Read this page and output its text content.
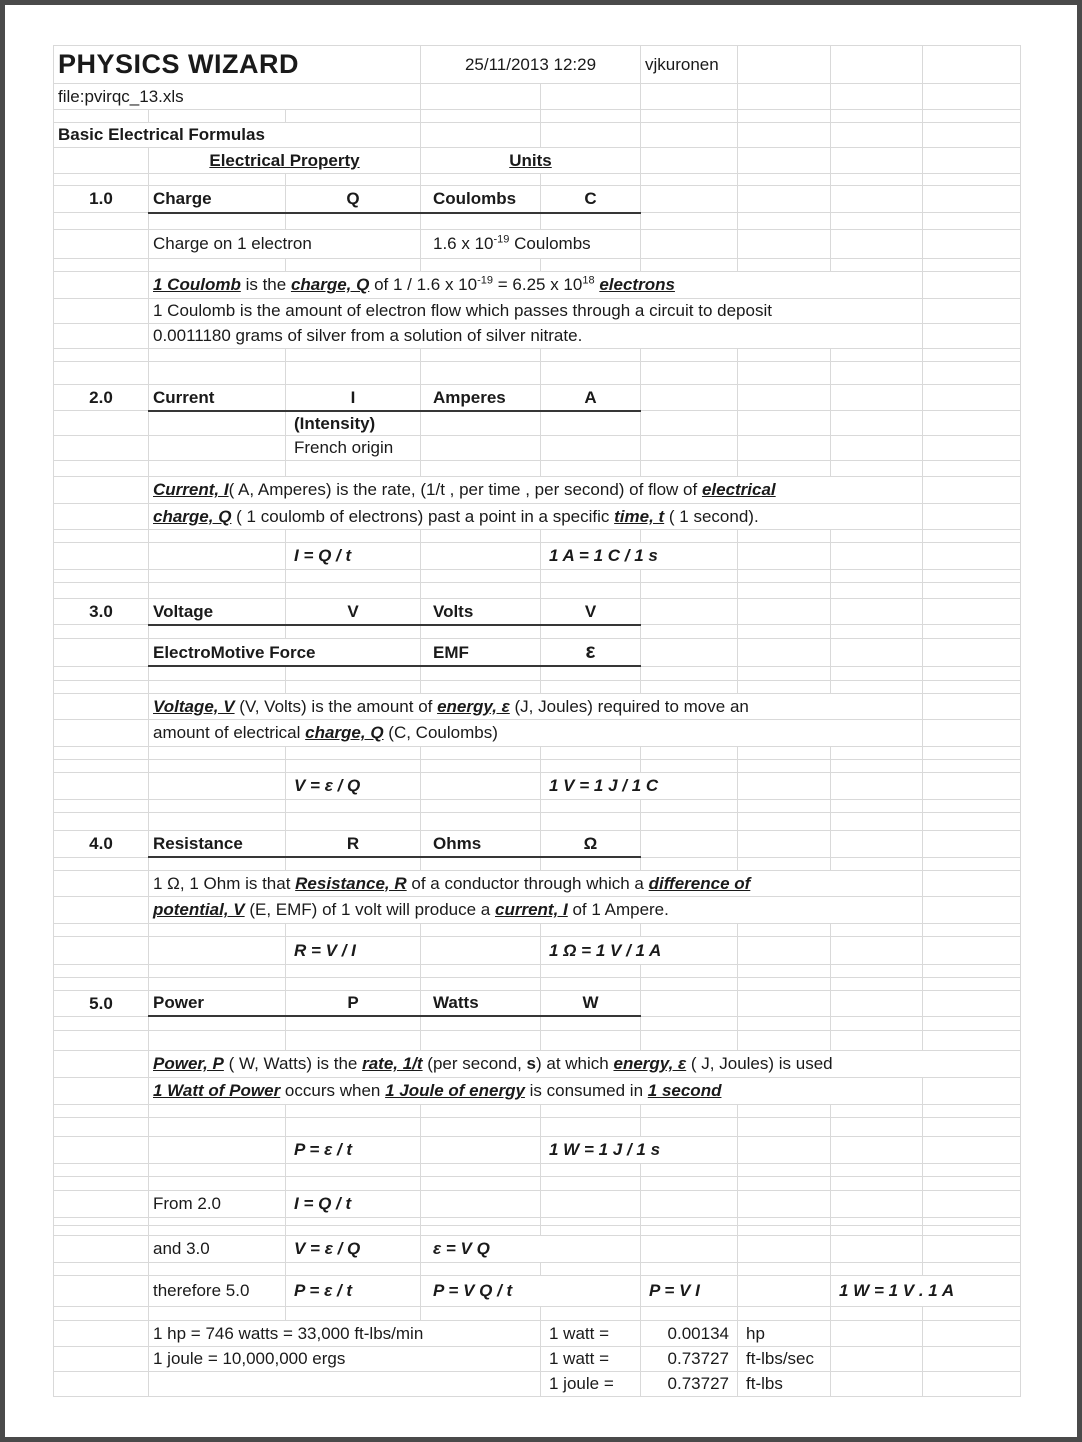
PHYSICS WIZARD			25/11/2013 12:29		vjkuronen			
file:pvirqc_13.xls								

Basic Electrical Formulas								
	Electrical Property		Units					

1.0	Charge	Q	Coulombs	C				

	Charge on 1 electron		1.6 x $10^{-19}$ Coulombs					

	1 Coulomb is the charge, Q of 1 / 1.6 x $10^{-19} = 6.25$ x $10^{18}$ electrons							
	1 Coulomb is the amount of electron flow which passes through a circuit to deposit							
	0.0011180 grams of silver from a solution of silver nitrate.							

2.0	Current	I	Amperes	A				
		(Intensity)						
		French origin						

	Current, I( A, Amperes) is the rate, (1/t , per time , per second) of flow of electrical							
	charge, Q ( 1 coulomb of electrons) past a point in a specific time, t ( 1 second).							

		I = Q / t		1 A = 1 C / 1 s				

3.0	Voltage	V	Volts	V				

	ElectroMotive Force		EMF	ε				

	Voltage, V (V, Volts) is the amount of energy, ε (J, Joules) required to move an							
	amount of electrical charge, Q (C, Coulombs)							

		V = ε / Q		1 V = 1 J / 1 C				

4.0	Resistance	R	Ohms	Ω				

	1 Ω, 1 Ohm is that Resistance, R of a conductor through which a difference of							
	potential, V (E, EMF) of 1 volt will produce a current, I of 1 Ampere.							

		R = V / I		1 Ω = 1 V / 1 A				

5.0	Power	P	Watts	W				

	Power, P ( W, Watts) is the rate, 1/t (per second, s) at which energy, ε ( J, Joules) is used							
	1 Watt of Power occurs when 1 Joule of energy is consumed in 1 second							

		P = ε / t		1 W = 1 J / 1 s				

	From 2.0	I = Q / t						

	and 3.0	V = ε / Q	ε = V Q					

	therefore 5.0	P = ε / t	P = V Q / t		P = V I		1 W = 1 V . 1 A	

	1 hp = 746 watts = 33,000 ft-lbs/min			1 watt =	0.00134	hp		
	1 joule = 10,000,000 ergs			1 watt =	0.73727	ft-lbs/sec		
				1 joule =	0.73727	ft-lbs		
